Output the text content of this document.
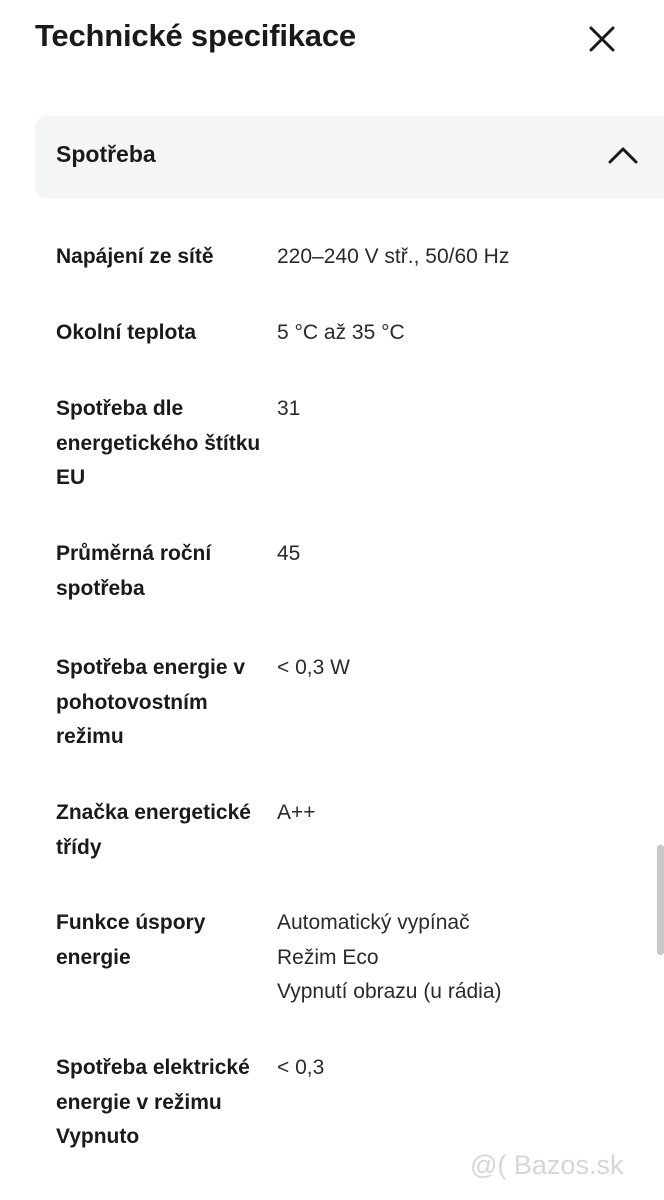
Technické specifikace
Spotřeba
Napájení ze sítě	220–240 V stř., 50/60 Hz
Okolní teplota	5 °C až 35 °C
Spotřeba dle energetického štítku EU
31
Průměrná roční spotřeba
45
Spotřeba energie v pohotovostním režimu
< 0,3 W
Značka energetické třídy
A++
Funkce úspory energie
Automatický vypínač
Režim Eco
Vypnutí obrazu (u rádia)
Spotřeba elektrické energie v režimu Vypnuto
< 0,3
@( Bazos.sk
